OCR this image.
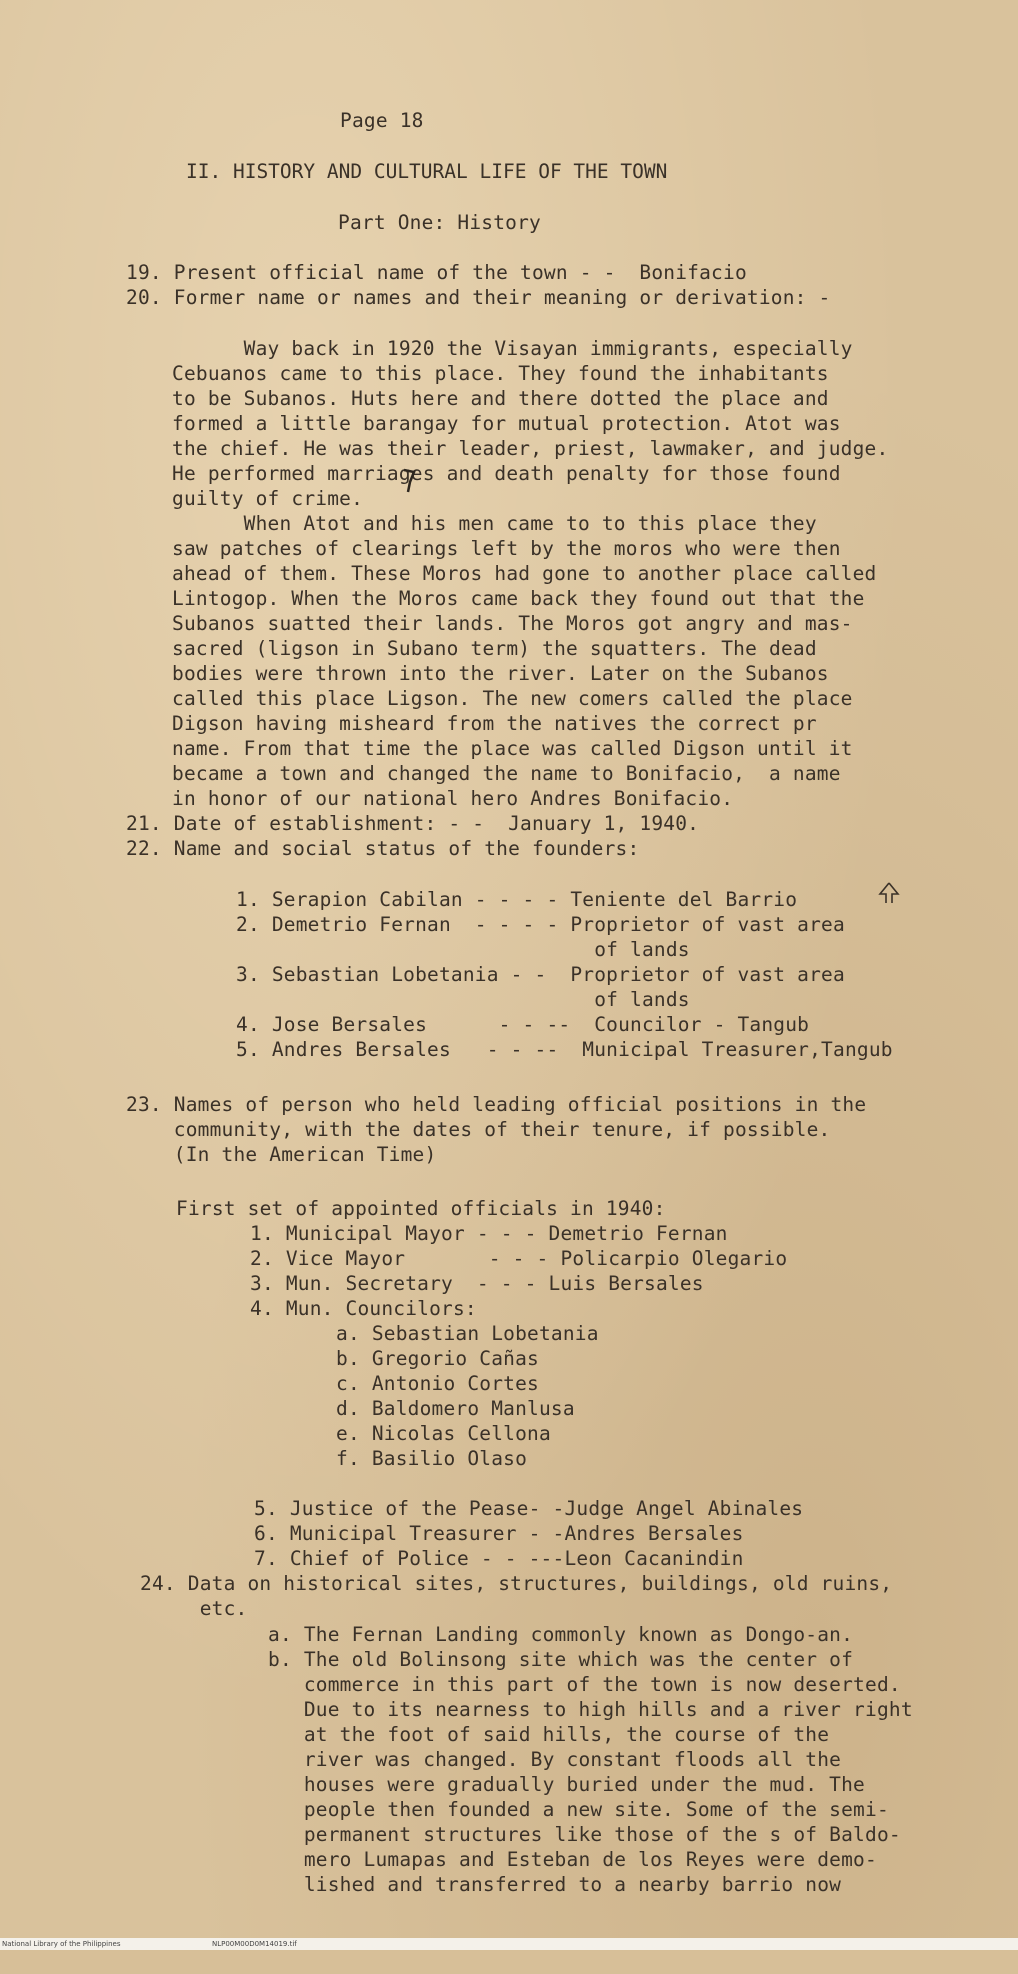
Page 18
II. HISTORY AND CULTURAL LIFE OF THE TOWN
Part One: History
19. Present official name of the town - -  Bonifacio
20. Former name or names and their meaning or derivation: -
Way back in 1920 the Visayan immigrants, especially
Cebuanos came to this place. They found the inhabitants
to be Subanos. Huts here and there dotted the place and
formed a little barangay for mutual protection. Atot was
the chief. He was their leader, priest, lawmaker, and judge.
He performed marriages and death penalty for those found
guilty of crime.
When Atot and his men came to to this place they
saw patches of clearings left by the moros who were then
ahead of them. These Moros had gone to another place called
Lintogop. When the Moros came back they found out that the
Subanos suatted their lands. The Moros got angry and mas-
sacred (ligson in Subano term) the squatters. The dead
bodies were thrown into the river. Later on the Subanos
called this place Ligson. The new comers called the place
Digson having misheard from the natives the correct pr
name. From that time the place was called Digson until it
became a town and changed the name to Bonifacio,  a name
in honor of our national hero Andres Bonifacio.
21. Date of establishment: - -  January 1, 1940.
22. Name and social status of the founders:
1. Serapion Cabilan - - - - Teniente del Barrio
2. Demetrio Fernan  - - - - Proprietor of vast area
of lands
3. Sebastian Lobetania - -  Proprietor of vast area
of lands
4. Jose Bersales      - - --  Councilor - Tangub
5. Andres Bersales   - - --  Municipal Treasurer,Tangub
23. Names of person who held leading official positions in the
community, with the dates of their tenure, if possible.
(In the American Time)
First set of appointed officials in 1940:
1. Municipal Mayor - - - Demetrio Fernan
2. Vice Mayor       - - - Policarpio Olegario
3. Mun. Secretary  - - - Luis Bersales
4. Mun. Councilors:
a. Sebastian Lobetania
b. Gregorio Cañas
c. Antonio Cortes
d. Baldomero Manlusa
e. Nicolas Cellona
f. Basilio Olaso
5. Justice of the Pease- -Judge Angel Abinales
6. Municipal Treasurer - -Andres Bersales
7. Chief of Police - - ---Leon Cacanindin
24. Data on historical sites, structures, buildings, old ruins,
etc.
a. The Fernan Landing commonly known as Dongo-an.
b. The old Bolinsong site which was the center of
commerce in this part of the town is now deserted.
Due to its nearness to high hills and a river right
at the foot of said hills, the course of the
river was changed. By constant floods all the
houses were gradually buried under the mud. The
people then founded a new site. Some of the semi-
permanent structures like those of the s of Baldo-
mero Lumapas and Esteban de los Reyes were demo-
lished and transferred to a nearby barrio now

National Library of the Philippines

	NLP00M00D0M14019.tif
